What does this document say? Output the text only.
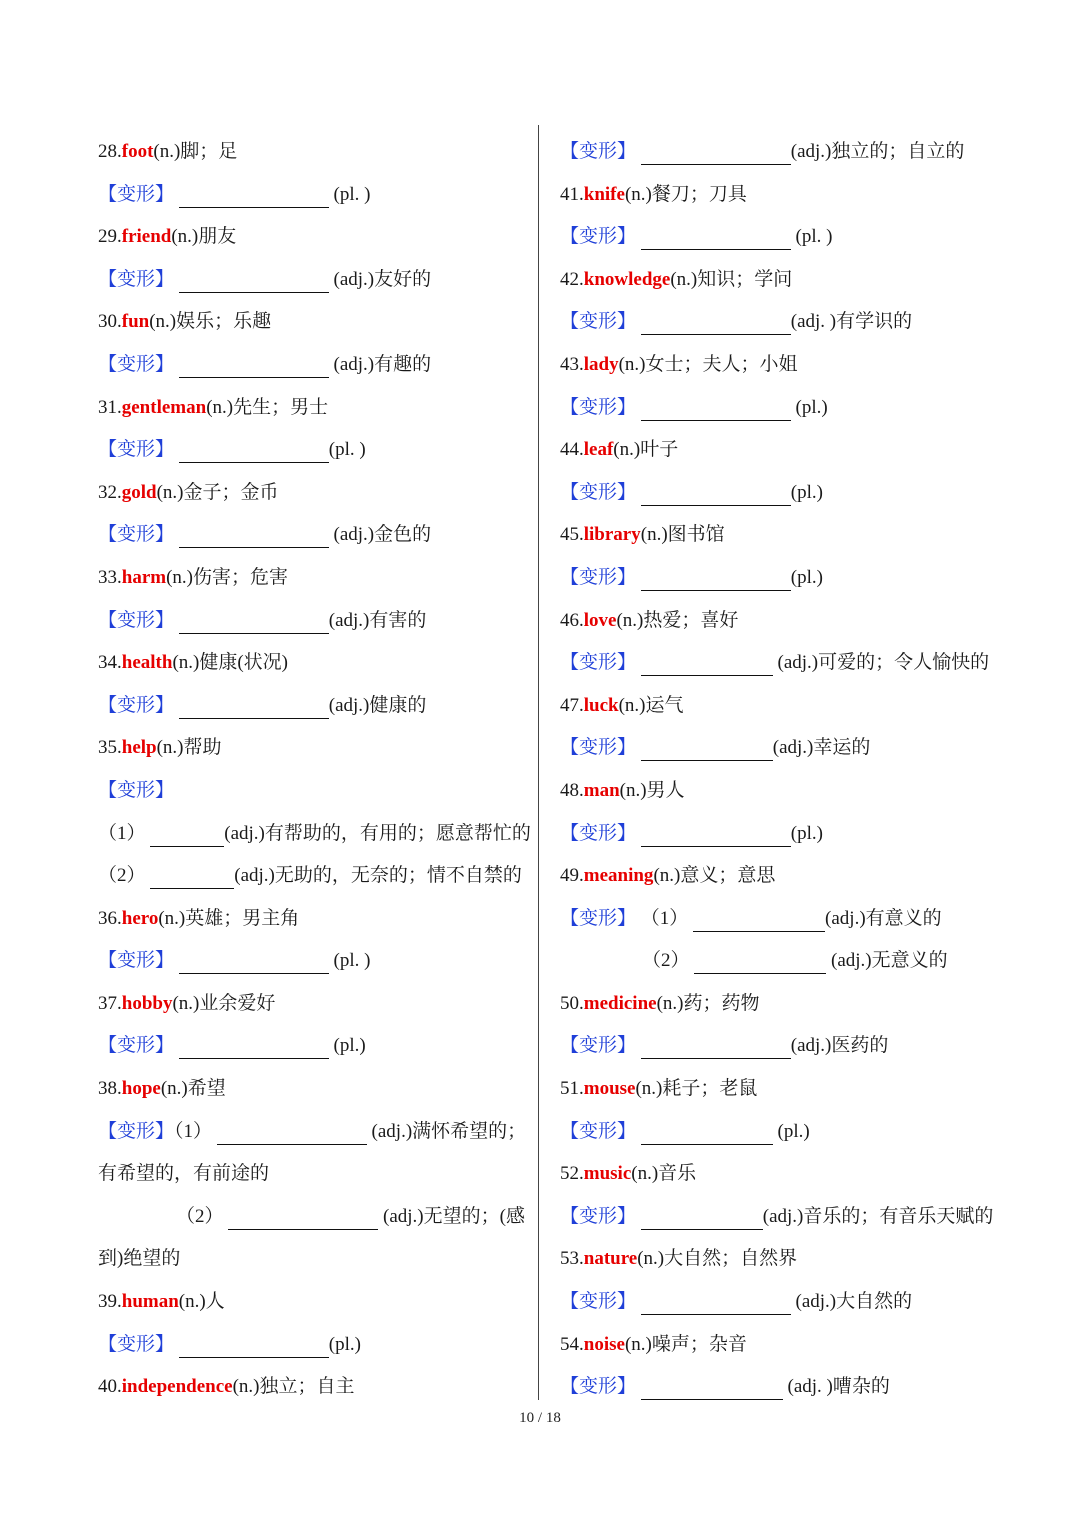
28.foot(n.)脚；足
【变形】	(pl. )
29.friend(n.)朋友
【变形】	(adj.)友好的
30.fun(n.)娱乐；乐趣
【变形】	(adj.)有趣的
31.gentleman(n.)先生；男士
【变形】	(pl. )
32.gold(n.)金子；金币
【变形】	(adj.)金色的
33.harm(n.)伤害；危害
【变形】	(adj.)有害的
34.health(n.)健康(状况)
【变形】	(adj.)健康的
35.help(n.)帮助
【变形】
（1）	(adj.)有帮助的，有用的；愿意帮忙的
（2）	(adj.)无助的，无奈的；情不自禁的
36.hero(n.)英雄；男主角
【变形】	(pl. )
37.hobby(n.)业余爱好
【变形】	(pl.)
38.hope(n.)希望
【变形】（1）	(adj.)满怀希望的；
有希望的，有前途的
（2）	(adj.)无望的；(感
到)绝望的
39.human(n.)人
【变形】	(pl.)
40.independence(n.)独立；自主
【变形】	(adj.)独立的；自立的
41.knife(n.)餐刀；刀具
【变形】	(pl. )
42.knowledge(n.)知识；学问
【变形】	(adj. )有学识的
43.lady(n.)女士；夫人；小姐
【变形】	(pl.)
44.leaf(n.)叶子
【变形】	(pl.)
45.library(n.)图书馆
【变形】	(pl.)
46.love(n.)热爱；喜好
【变形】	(adj.)可爱的；令人愉快的
47.luck(n.)运气
【变形】	(adj.)幸运的
48.man(n.)男人
【变形】	(pl.)
49.meaning(n.)意义；意思
【变形】 （1）	(adj.)有意义的
（2）	(adj.)无意义的
50.medicine(n.)药；药物
【变形】	(adj.)医药的
51.mouse(n.)耗子；老鼠
【变形】	(pl.)
52.music(n.)音乐
【变形】	(adj.)音乐的；有音乐天赋的
53.nature(n.)大自然；自然界
【变形】	(adj.)大自然的
54.noise(n.)噪声；杂音
【变形】	(adj. )嘈杂的
10 / 18
